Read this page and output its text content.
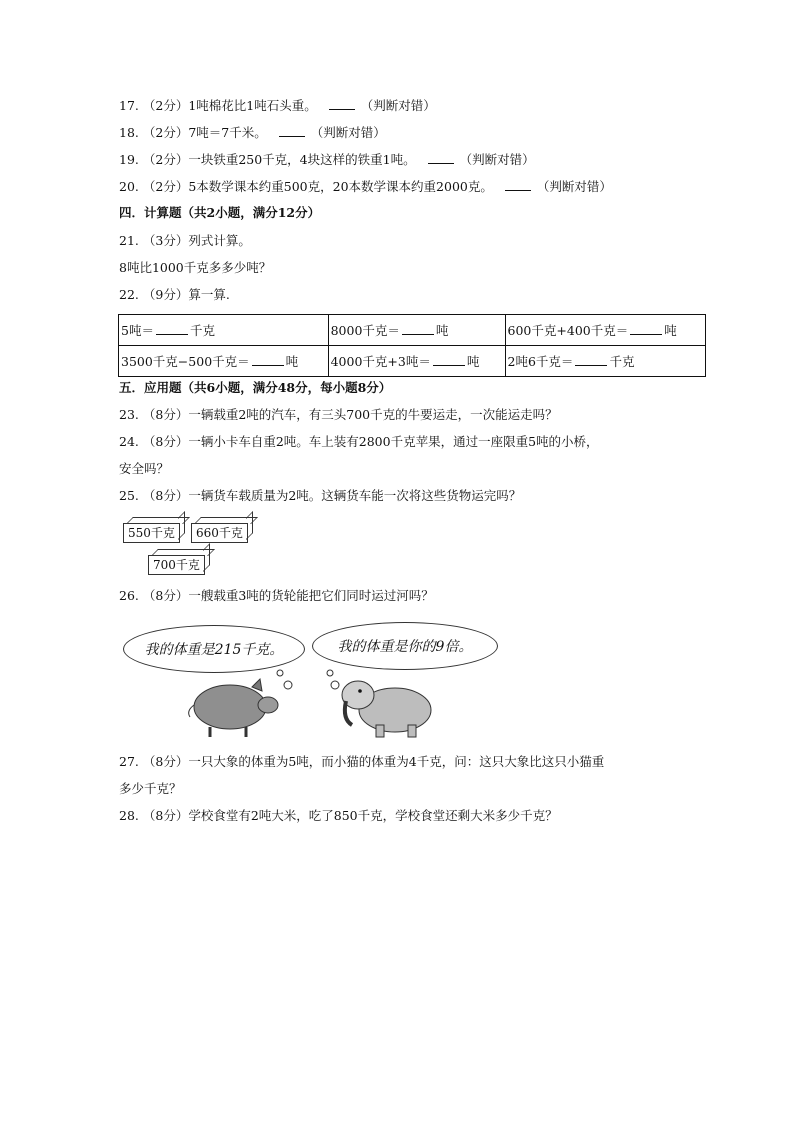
17. （2分）1吨棉花比1吨石头重。	（判断对错）
18. （2分）7吨＝7千米。	（判断对错）
19. （2分）一块铁重250千克，4块这样的铁重1吨。	（判断对错）
20. （2分）5本数学课本约重500克，20本数学课本约重2000克。	（判断对错）
四．计算题（共2小题，满分12分）
21. （3分）列式计算。
8吨比1000千克多多少吨？
22. （9分）算一算.
5吨＝ 千克	8000千克＝ 吨	600千克+400千克＝ 吨
3500千克−500千克＝ 吨	4000千克+3吨＝ 吨	2吨6千克＝ 千克
五．应用题（共6小题，满分48分，每小题8分）
23. （8分）一辆载重2吨的汽车，有三头700千克的牛要运走，一次能运走吗？
24. （8分）一辆小卡车自重2吨。车上装有2800千克苹果，通过一座限重5吨的小桥，
安全吗？
25. （8分）一辆货车载质量为2吨。这辆货车能一次将这些货物运完吗？
550千克	660千克
700千克
26. （8分）一艘载重3吨的货轮能把它们同时运过河吗？
我的体重是215千克。	我的体重是你的9倍。
27. （8分）一只大象的体重为5吨，而小猫的体重为4千克，问：这只大象比这只小猫重
多少千克？
28. （8分）学校食堂有2吨大米，吃了850千克，学校食堂还剩大米多少千克？
